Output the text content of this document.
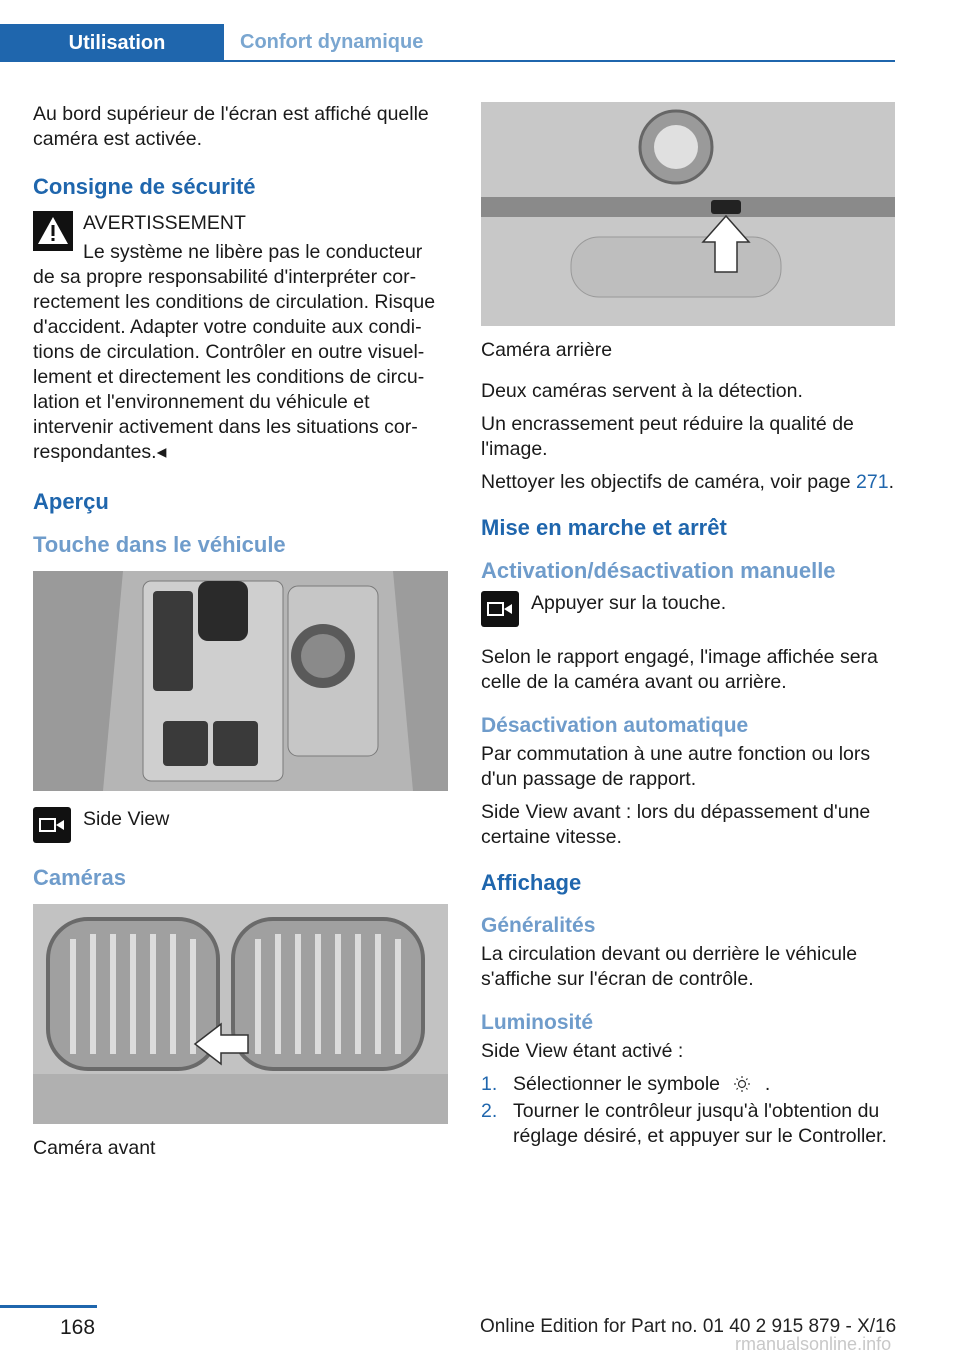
Utilisation	Confort dynamique

Au bord supérieur de l'écran est affiché quelle caméra est activée.

Consigne de sécurité

AVERTISSEMENT

Le système ne libère pas le conducteur de sa propre responsabilité d'interpréter correctement les conditions de circulation. Risque d'accident. Adapter votre conduite aux conditions de circulation. Contrôler en outre visuellement et directement les conditions de circulation et l'environnement du véhicule et intervenir activement dans les situations correspondantes.◂

Aperçu
Touche dans le véhicule
Side View
Caméras

Caméra avant

Caméra arrière

Deux caméras servent à la détection.

Un encrassement peut réduire la qualité de l'image.

Nettoyer les objectifs de caméra, voir page 271.

Mise en marche et arrêt
Activation/désactivation manuelle
Appuyer sur la touche.

Selon le rapport engagé, l'image affichée sera celle de la caméra avant ou arrière.

Désactivation automatique

Par commutation à une autre fonction ou lors d'un passage de rapport.

Side View avant : lors du dépassement d'une certaine vitesse.

Affichage
Généralités

La circulation devant ou derrière le véhicule s'affiche sur l'écran de contrôle.

Luminosité

Side View étant activé :

1. Sélectionner le symbole .
2. Tourner le contrôleur jusqu'à l'obtention du réglage désiré, et appuyer sur le Controller.
168	Online Edition for Part no. 01 40 2 915 879 - X/16
rmanualsonline.info
